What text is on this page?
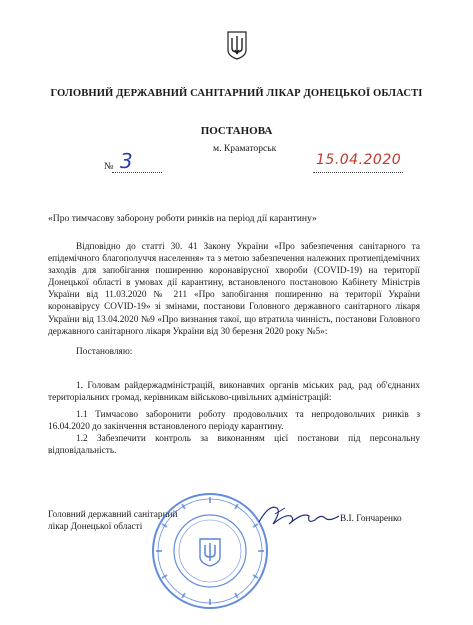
ГОЛОВНИЙ ДЕРЖАВНИЙ САНІТАРНИЙ ЛІКАР ДОНЕЦЬКОЇ ОБЛАСТІ
ПОСТАНОВА
м. Краматорськ
№ 3	15.04.2020
«Про тимчасову заборону роботи ринків на період дії карантину»
Відповідно до статті 30. 41 Закону України «Про забезпечення санітарного та епідемічного благополуччя населення» та з метою забезпечення належних протиепідемічних заходів для запобігання поширенню коронавірусної хвороби (COVID-19) на території Донецької області в умовах дії карантину, встановленого постановою Кабінету Міністрів України від 11.03.2020 № 211 «Про запобігання поширенню на території України коронавірусу COVID-19» зі змінами, постанови Головного державного санітарного лікаря України від 13.04.2020 №9 «Про визнання такої, що втратила чинність, постанови Головного державного санітарного лікаря України від 30 березня 2020 року №5»:
Постановляю:
1. Головам райдержадміністрацій, виконавчих органів міських рад, рад об'єднаних територіальних громад, керівникам військово-цивільних адміністрацій:
1.1 Тимчасово заборонити роботу продовольчих та непродовольчих ринків з 16.04.2020 до закінчення встановленого періоду карантину.
1.2 Забезпечити контроль за виконанням цієї постанови під персональну відповідальність.
Головний державний санітарний
лікар Донецької області
В.І. Гончаренко
